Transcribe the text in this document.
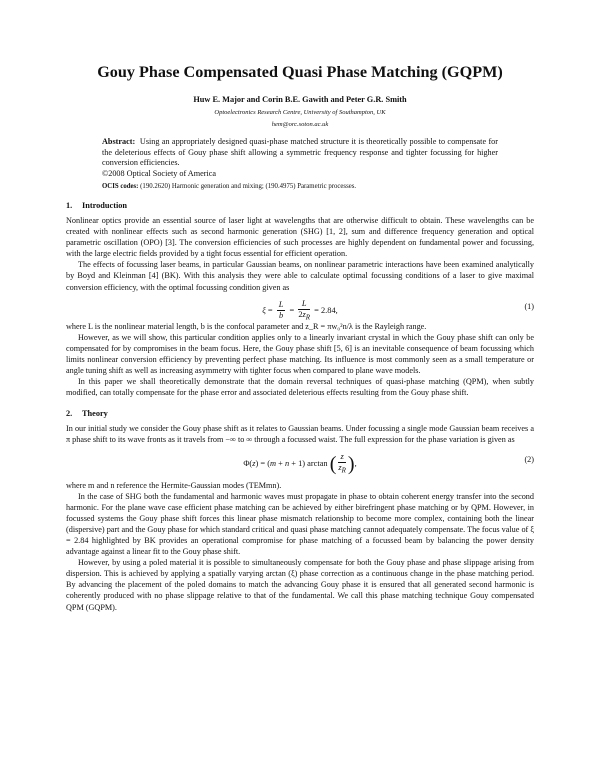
Gouy Phase Compensated Quasi Phase Matching (GQPM)
Huw E. Major and Corin B.E. Gawith and Peter G.R. Smith
Optoelectronics Research Centre, University of Southampton, UK
hem@orc.soton.ac.uk
Abstract: Using an appropriately designed quasi-phase matched structure it is theoretically possible to compensate for the deleterious effects of Gouy phase shift allowing a symmetric frequency response and tighter focussing for higher conversion efficiencies.
©2008 Optical Society of America
OCIS codes: (190.2620) Harmonic generation and mixing; (190.4975) Parametric processes.
1. Introduction

Nonlinear optics provide an essential source of laser light at wavelengths that are otherwise difficult to obtain. These wavelengths can be created with nonlinear effects such as second harmonic generation (SHG) [1, 2], sum and difference frequency generation and optical parametric oscillation (OPO) [3]. The conversion efficiencies of such processes are highly dependent on fundamental power and focussing, with the large electric fields provided by a tight focus essential for efficient operation.

The effects of focussing laser beams, in particular Gaussian beams, on nonlinear parametric interactions have been examined analytically by Boyd and Kleinman [4] (BK). With this analysis they were able to calculate optimal focussing conditions of a laser to give maximal conversion efficiency, with the optimal focussing condition given as

$\xi = \frac{L}{b} = \frac{L}{2z_R} = 2.84$,	(1)

where L is the nonlinear material length, b is the confocal parameter and z_R = πw₀²n/λ is the Rayleigh range.

However, as we will show, this particular condition applies only to a linearly invariant crystal in which the Gouy phase shift can only be compensated for by compromises in the beam focus. Here, the Gouy phase shift [5, 6] is an inevitable consequence of beam focussing which limits nonlinear conversion efficiency by preventing perfect phase matching. Its influence is most commonly seen as a small temperature or angle tuning shift as well as increasing asymmetry with tighter focus when compared to plane wave models.

In this paper we shall theoretically demonstrate that the domain reversal techniques of quasi-phase matching (QPM), when subtly modified, can totally compensate for the phase error and associated deleterious effects resulting from the Gouy phase shift.

2. Theory

In our initial study we consider the Gouy phase shift as it relates to Gaussian beams. Under focussing a single mode Gaussian beam receives a π phase shift to its wave fronts as it travels from −∞ to ∞ through a focussed waist. The full expression for the phase variation is given as

Φ(z) = (m + n + 1) arctan ( $\frac{z}{z_R}$ ),	(2)

where m and n reference the Hermite-Gaussian modes (TEMmn).

In the case of SHG both the fundamental and harmonic waves must propagate in phase to obtain coherent energy transfer into the second harmonic. For the plane wave case efficient phase matching can be achieved by either birefringent phase matching or by QPM. However, in focussed systems the Gouy phase shift forces this linear phase mismatch relationship to become more complex, containing both the linear (dispersive) part and the Gouy phase for which standard critical and quasi phase matching cannot adequately compensate. The focus value of ξ = 2.84 highlighted by BK provides an operational compromise for phase matching of a focussed beam by balancing the power density advantage against a linear fit to the Gouy phase shift.

However, by using a poled material it is possible to simultaneously compensate for both the Gouy phase and phase slippage arising from dispersion. This is achieved by applying a spatially varying arctan (ξ) phase correction as a continuous change in the phase matching period. By advancing the placement of the poled domains to match the advancing Gouy phase it is ensured that all generated second harmonic is coherently produced with no phase slippage relative to that of the fundamental. We call this phase matching technique Gouy compensated QPM (GQPM).
